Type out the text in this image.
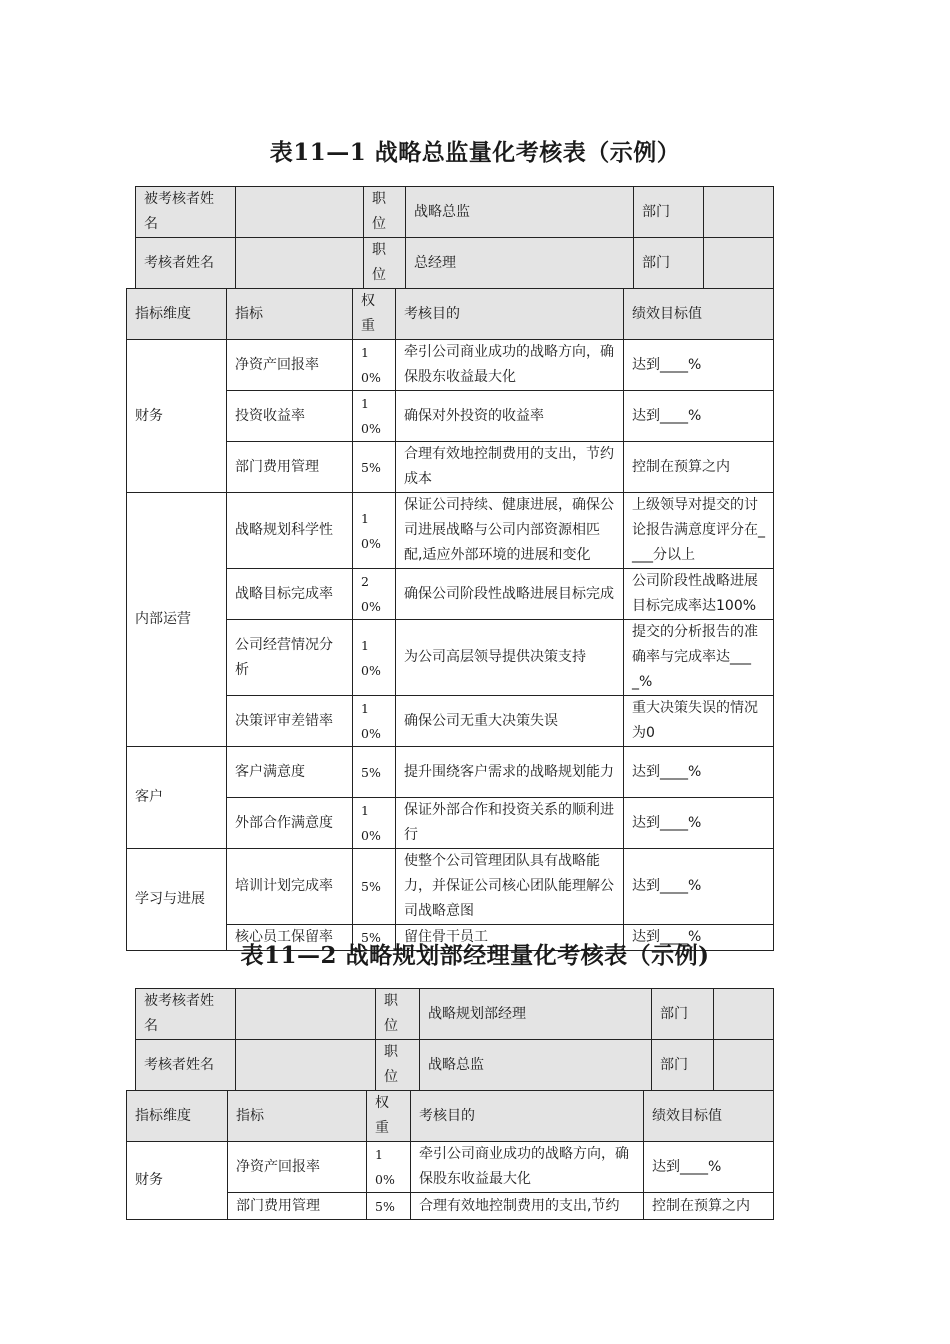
表11—1 战略总监量化考核表（示例）
被考核者姓名		职位	战略总监	部门	
考核者姓名		职位	总经理	部门	
指标维度	指标	权重	考核目的	绩效目标值
财务	净资产回报率	10%	牵引公司商业成功的战略方向，确保股东收益最大化	达到____%
	投资收益率	10%	确保对外投资的收益率	达到____%
	部门费用管理	5%	合理有效地控制费用的支出，节约成本	控制在预算之内
内部运营	战略规划科学性	10%	保证公司持续、健康进展，确保公司进展战略与公司内部资源相匹配,适应外部环境的进展和变化	上级领导对提交的讨论报告满意度评分在____分以上
	战略目标完成率	20%	确保公司阶段性战略进展目标完成	公司阶段性战略进展目标完成率达100%
	公司经营情况分析	10%	为公司高层领导提供决策支持	提交的分析报告的准确率与完成率达____%
	决策评审差错率	10%	确保公司无重大决策失误	重大决策失误的情况为0
客户	客户满意度	5%	提升围绕客户需求的战略规划能力	达到____%
	外部合作满意度	10%	保证外部合作和投资关系的顺利进行	达到____%
学习与进展	培训计划完成率	5%	使整个公司管理团队具有战略能力，并保证公司核心团队能理解公司战略意图	达到____%
	核心员工保留率	5%	留住骨干员工	达到____%
表11—2 战略规划部经理量化考核表（示例)
被考核者姓名		职位	战略规划部经理	部门	
考核者姓名		职位	战略总监	部门	
指标维度	指标	权重	考核目的	绩效目标值
财务	净资产回报率	10%	牵引公司商业成功的战略方向，确保股东收益最大化	达到____%
	部门费用管理	5%	合理有效地控制费用的支出,节约	控制在预算之内
